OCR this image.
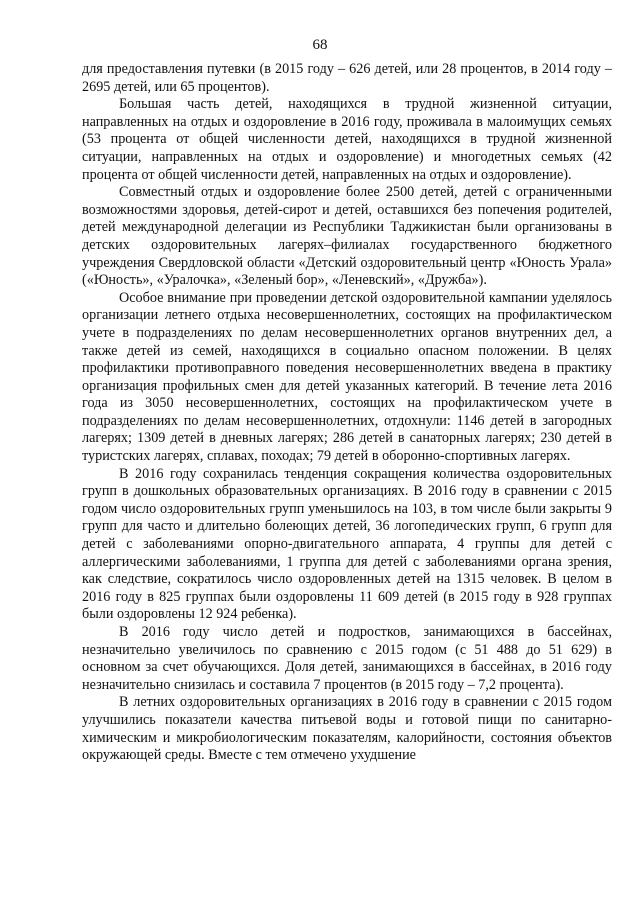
68

для предоставления путевки (в 2015 году – 626 детей, или 28 процентов, в 2014 году – 2695 детей, или 65 процентов).

Большая часть детей, находящихся в трудной жизненной ситуации, направленных на отдых и оздоровление в 2016 году, проживала в малоимущих семьях (53 процента от общей численности детей, находящихся в трудной жизненной ситуации, направленных на отдых и оздоровление) и многодетных семьях (42 процента от общей численности детей, направленных на отдых и оздоровление).

Совместный отдых и оздоровление более 2500 детей, детей с ограниченными возможностями здоровья, детей-сирот и детей, оставшихся без попечения родителей, детей международной делегации из Республики Таджикистан были организованы в детских оздоровительных лагерях–филиалах государственного бюджетного учреждения Свердловской области «Детский оздоровительный центр «Юность Урала» («Юность», «Уралочка», «Зеленый бор», «Леневский», «Дружба»).

Особое внимание при проведении детской оздоровительной кампании уделялось организации летнего отдыха несовершеннолетних, состоящих на профилактическом учете в подразделениях по делам несовершеннолетних органов внутренних дел, а также детей из семей, находящихся в социально опасном положении. В целях профилактики противоправного поведения несовершеннолетних введена в практику организация профильных смен для детей указанных категорий. В течение лета 2016 года из 3050 несовершеннолетних, состоящих на профилактическом учете в подразделениях по делам несовершеннолетних, отдохнули: 1146 детей в загородных лагерях; 1309 детей в дневных лагерях; 286 детей в санаторных лагерях; 230 детей в туристских лагерях, сплавах, походах; 79 детей в оборонно-спортивных лагерях.

В 2016 году сохранилась тенденция сокращения количества оздоровительных групп в дошкольных образовательных организациях. В 2016 году в сравнении с 2015 годом число оздоровительных групп уменьшилось на 103, в том числе были закрыты 9 групп для часто и длительно болеющих детей, 36 логопедических групп, 6 групп для детей с заболеваниями опорно-двигательного аппарата, 4 группы для детей с аллергическими заболеваниями, 1 группа для детей с заболеваниями органа зрения, как следствие, сократилось число оздоровленных детей на 1315 человек. В целом в 2016 году в 825 группах были оздоровлены 11 609 детей (в 2015 году в 928 группах были оздоровлены 12 924 ребенка).

В 2016 году число детей и подростков, занимающихся в бассейнах, незначительно увеличилось по сравнению с 2015 годом (с 51 488 до 51 629) в основном за счет обучающихся. Доля детей, занимающихся в бассейнах, в 2016 году незначительно снизилась и составила 7 процентов (в 2015 году – 7,2 процента).

В летних оздоровительных организациях в 2016 году в сравнении с 2015 годом улучшились показатели качества питьевой воды и готовой пищи по санитарно-химическим и микробиологическим показателям, калорийности, состояния объектов окружающей среды. Вместе с тем отмечено ухудшение
